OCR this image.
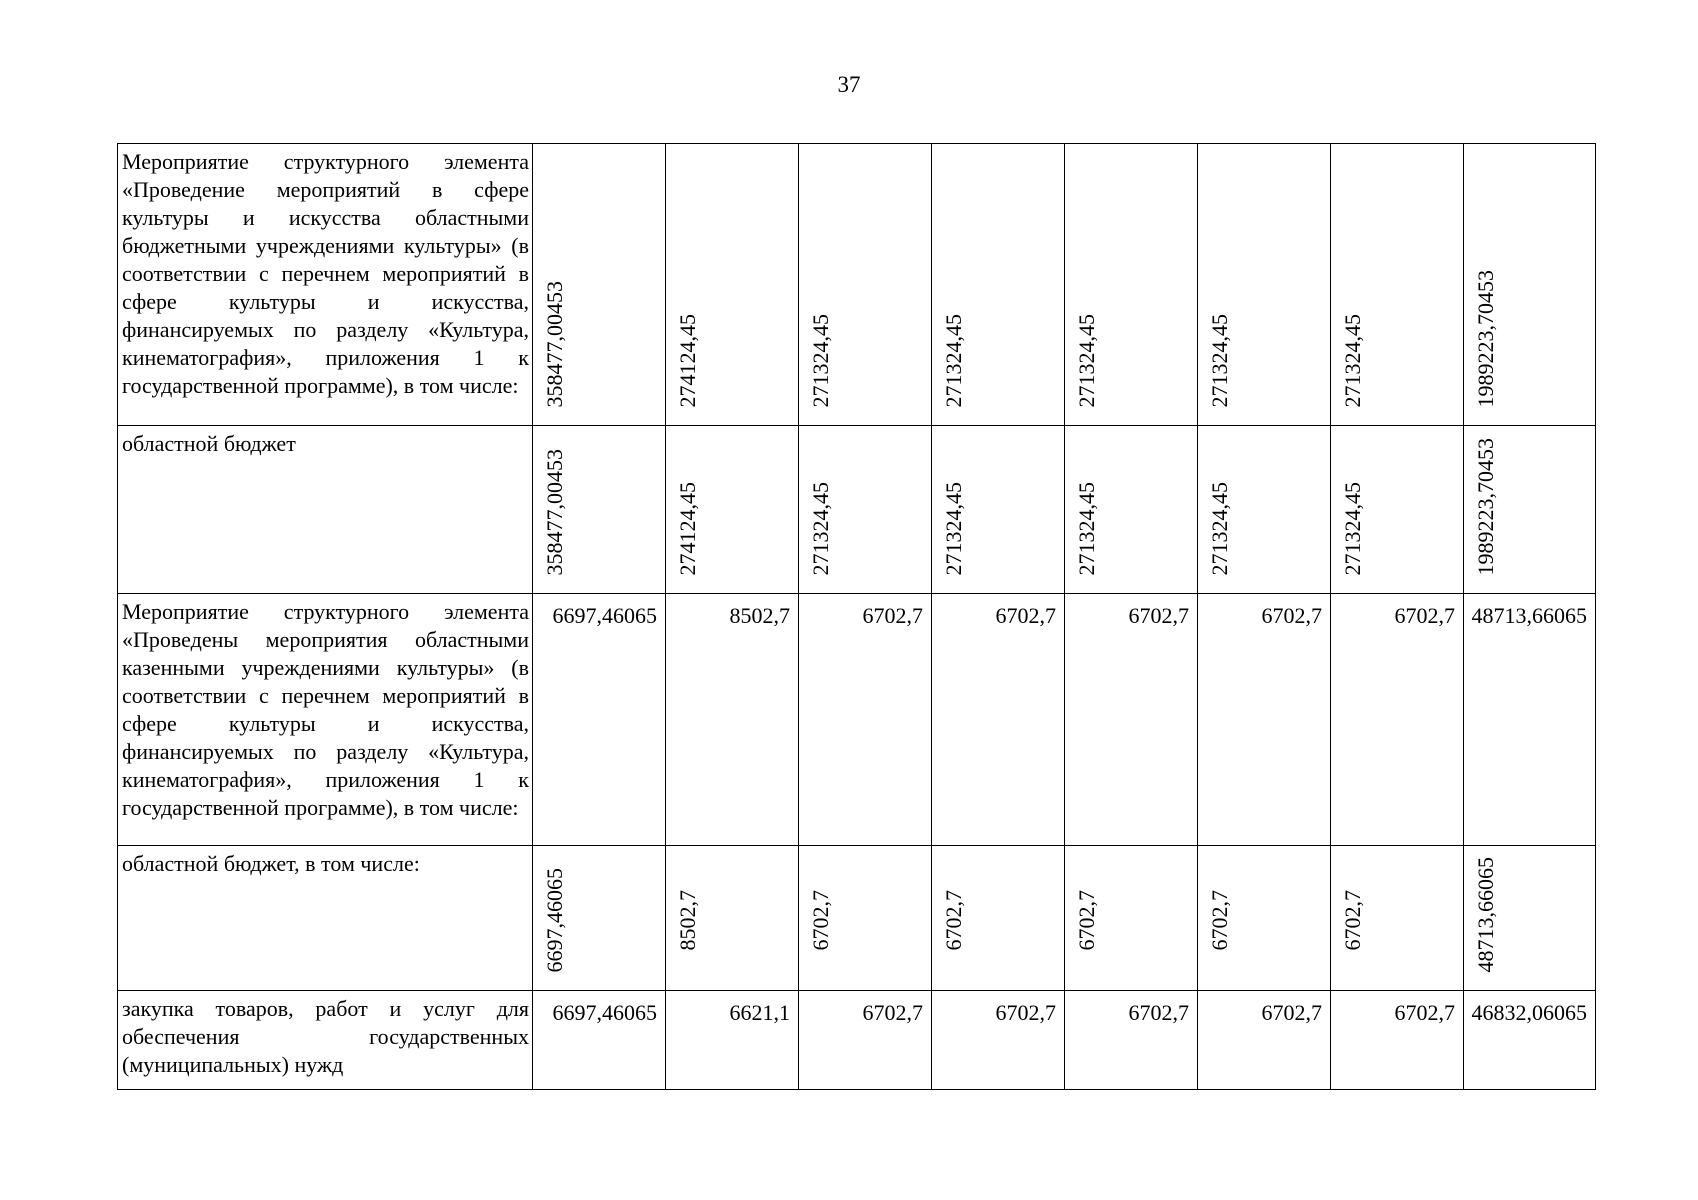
37
Мероприятие структурного элемента «Проведение мероприятий в сфере культуры и искусства областными бюджетными учреждениями культуры» (в соответствии с перечнем мероприятий в сфере культуры и искусства, финансируемых по разделу «Культура, кинематография», приложения 1 к государственной программе), в том числе:	358477,00453	274124,45	271324,45	271324,45	271324,45	271324,45	271324,45	1989223,70453

областной бюджет	358477,00453	274124,45	271324,45	271324,45	271324,45	271324,45	271324,45	1989223,70453

Мероприятие структурного элемента «Проведены мероприятия областными казенными учреждениями культуры» (в соответствии с перечнем мероприятий в сфере культуры и искусства, финансируемых по разделу «Культура, кинематография», приложения 1 к государственной программе), в том числе:	6697,46065	8502,7	6702,7	6702,7	6702,7	6702,7	6702,7	48713,66065
областной бюджет, в том числе:	6697,46065	8502,7	6702,7	6702,7	6702,7	6702,7	6702,7	48713,66065

закупка товаров, работ и услуг для обеспечения государственных (муниципальных) нужд	6697,46065	6621,1	6702,7	6702,7	6702,7	6702,7	6702,7	46832,06065
